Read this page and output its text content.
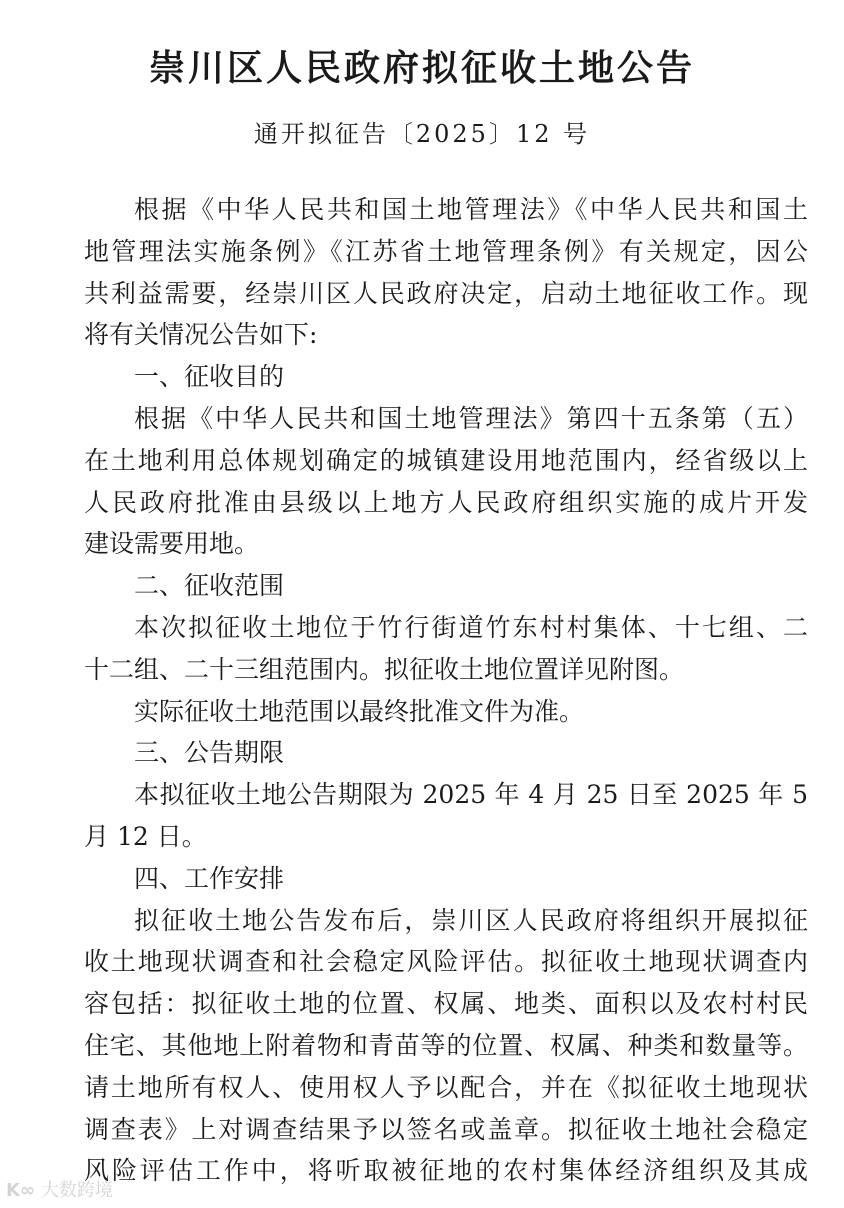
崇川区人民政府拟征收土地公告
通开拟征告〔2025〕12 号
根据《中华人民共和国土地管理法》《中华人民共和国土
地管理法实施条例》《江苏省土地管理条例》有关规定，因公
共利益需要，经崇川区人民政府决定，启动土地征收工作。现
将有关情况公告如下:
一、征收目的
根据《中华人民共和国土地管理法》第四十五条第（五）
在土地利用总体规划确定的城镇建设用地范围内，经省级以上
人民政府批准由县级以上地方人民政府组织实施的成片开发
建设需要用地。
二、征收范围
本次拟征收土地位于竹行街道竹东村村集体、十七组、二
十二组、二十三组范围内。拟征收土地位置详见附图。
实际征收土地范围以最终批准文件为准。
三、公告期限
本拟征收土地公告期限为 2025 年 4 月 25 日至 2025 年 5
月 12 日。
四、工作安排
拟征收土地公告发布后，崇川区人民政府将组织开展拟征
收土地现状调查和社会稳定风险评估。拟征收土地现状调查内
容包括：拟征收土地的位置、权属、地类、面积以及农村村民
住宅、其他地上附着物和青苗等的位置、权属、种类和数量等。
请土地所有权人、使用权人予以配合，并在《拟征收土地现状
调查表》上对调查结果予以签名或盖章。拟征收土地社会稳定
风险评估工作中，将听取被征地的农村集体经济组织及其成
K∞ 大数跨境
